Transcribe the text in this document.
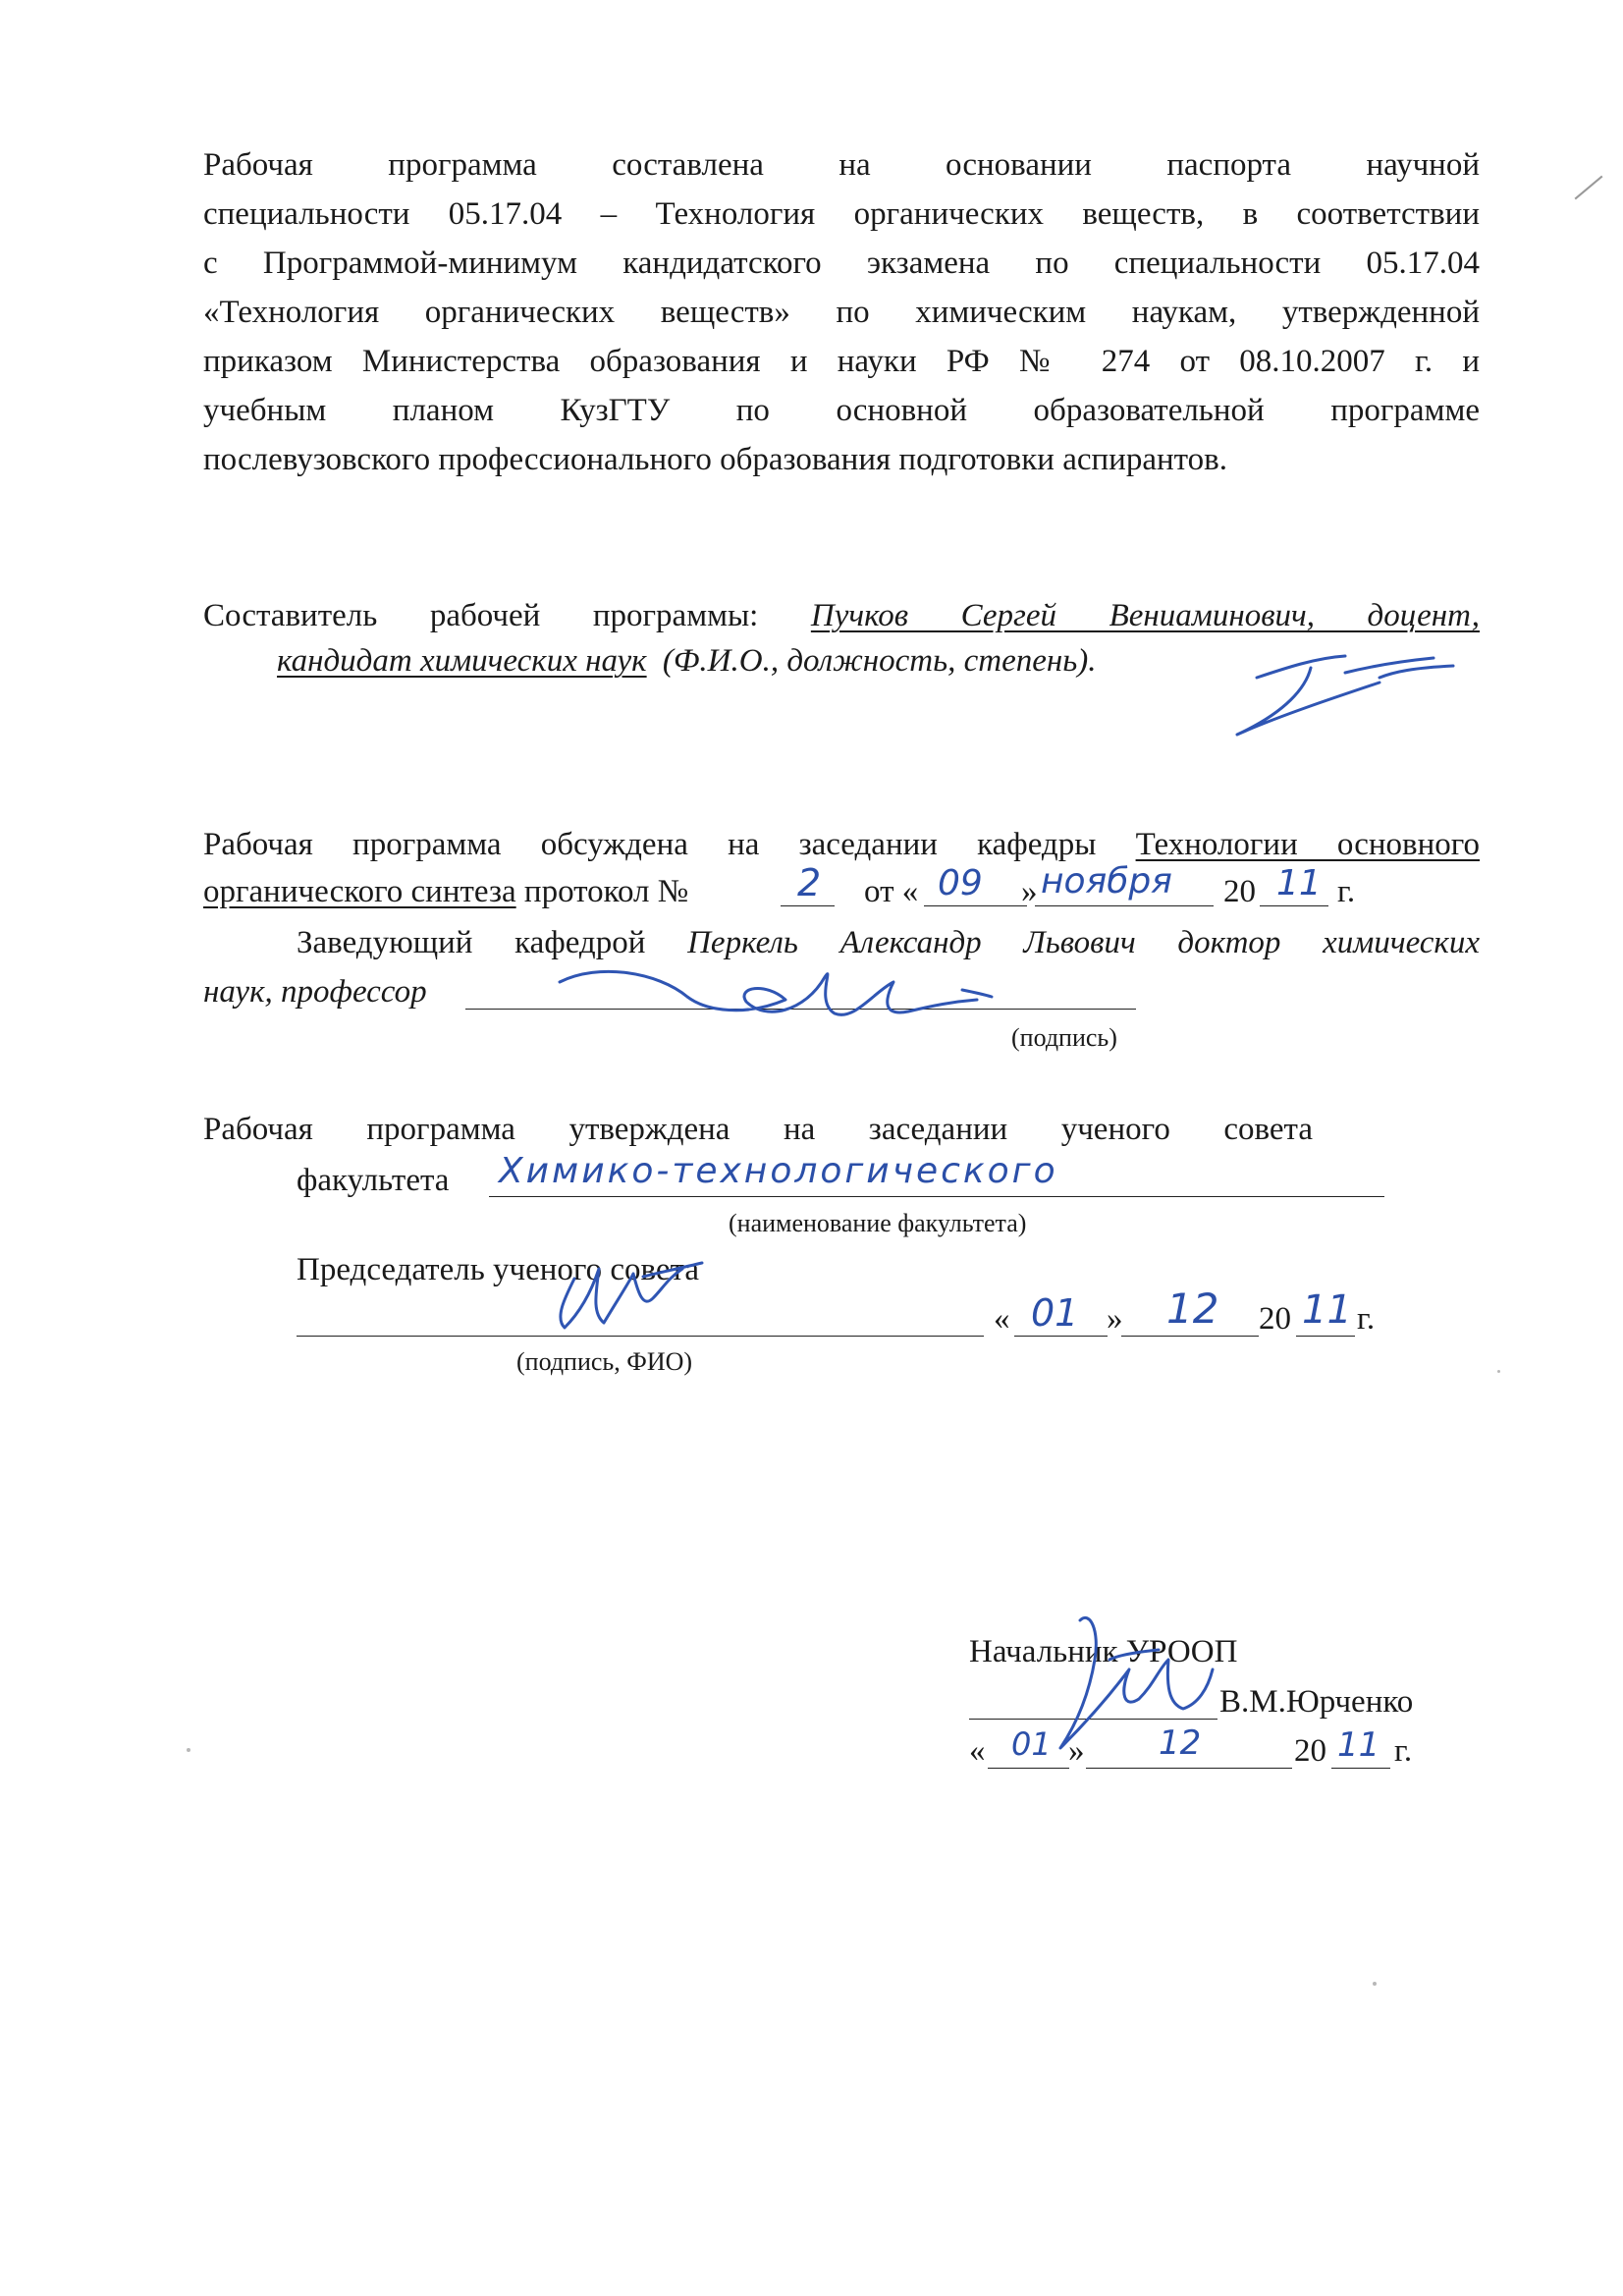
Рабочая программа составлена на основании паспорта научной
специальности 05.17.04 – Технология органических веществ, в соответствии
с Программой-минимум кандидатского экзамена по специальности 05.17.04
«Технология органических веществ» по химическим наукам, утвержденной
приказом Министерства образования и науки РФ № 274 от 08.10.2007 г. и
учебным планом КузГТУ по основной образовательной программе
послевузовского профессионального образования подготовки аспирантов.
Составитель рабочей программы: Пучков Сергей Вениаминович, доцент,
кандидат химических наук (Ф.И.О., должность, степень).
Рабочая программа обсуждена на заседании кафедры Технологии основного
органического синтеза протокол №	2 от « 09 » ноября 20 11 г.
Заведующий кафедрой Перкель Александр Львович доктор химических
наук, профессор
(подпись)
Рабочая программа утверждена на заседании ученого совета
факультета Химико-технологического
(наименование факультета)
Председатель ученого совета
« 01 » 12 20 11 г.
(подпись, ФИО)
Начальник УРООП
В.М.Юрченко
« 01 » 12	20 11 г.
